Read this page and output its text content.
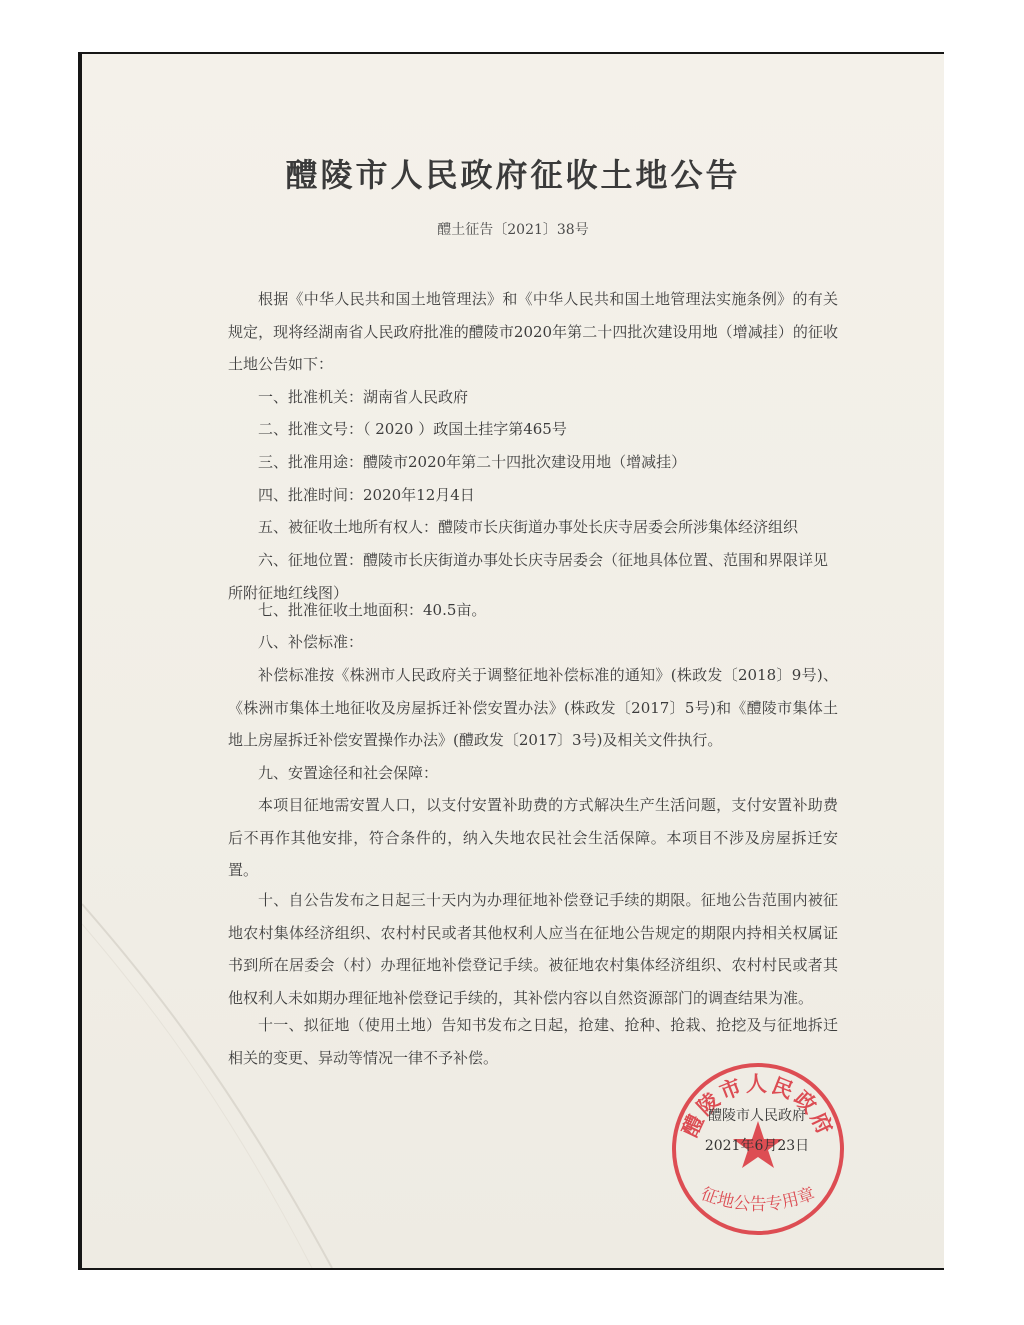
醴陵市人民政府征收土地公告
醴土征告〔2021〕38号
根据《中华人民共和国土地管理法》和《中华人民共和国土地管理法实施条例》的有关规定，现将经湖南省人民政府批准的醴陵市2020年第二十四批次建设用地（增减挂）的征收土地公告如下：
一、批准机关：湖南省人民政府
二、批准文号：（ 2020 ）政国土挂字第465号
三、批准用途：醴陵市2020年第二十四批次建设用地（增减挂）
四、批准时间：2020年12月4日
五、被征收土地所有权人：醴陵市长庆街道办事处长庆寺居委会所涉集体经济组织
六、征地位置：醴陵市长庆街道办事处长庆寺居委会（征地具体位置、范围和界限详见所附征地红线图）
七、批准征收土地面积：40.5亩。
八、补偿标准：
补偿标准按《株洲市人民政府关于调整征地补偿标准的通知》(株政发〔2018〕9号)、《株洲市集体土地征收及房屋拆迁补偿安置办法》(株政发〔2017〕5号)和《醴陵市集体土地上房屋拆迁补偿安置操作办法》(醴政发〔2017〕3号)及相关文件执行。
九、安置途径和社会保障：
本项目征地需安置人口，以支付安置补助费的方式解决生产生活问题，支付安置补助费后不再作其他安排，符合条件的，纳入失地农民社会生活保障。本项目不涉及房屋拆迁安置。
十、自公告发布之日起三十天内为办理征地补偿登记手续的期限。征地公告范围内被征地农村集体经济组织、农村村民或者其他权利人应当在征地公告规定的期限内持相关权属证书到所在居委会（村）办理征地补偿登记手续。被征地农村集体经济组织、农村村民或者其他权利人未如期办理征地补偿登记手续的，其补偿内容以自然资源部门的调查结果为准。
十一、拟征地（使用土地）告知书发布之日起，抢建、抢种、抢栽、抢挖及与征地拆迁相关的变更、异动等情况一律不予补偿。
醴陵市人民政府
征地公告专用章
醴陵市人民政府
2021年6月23日
